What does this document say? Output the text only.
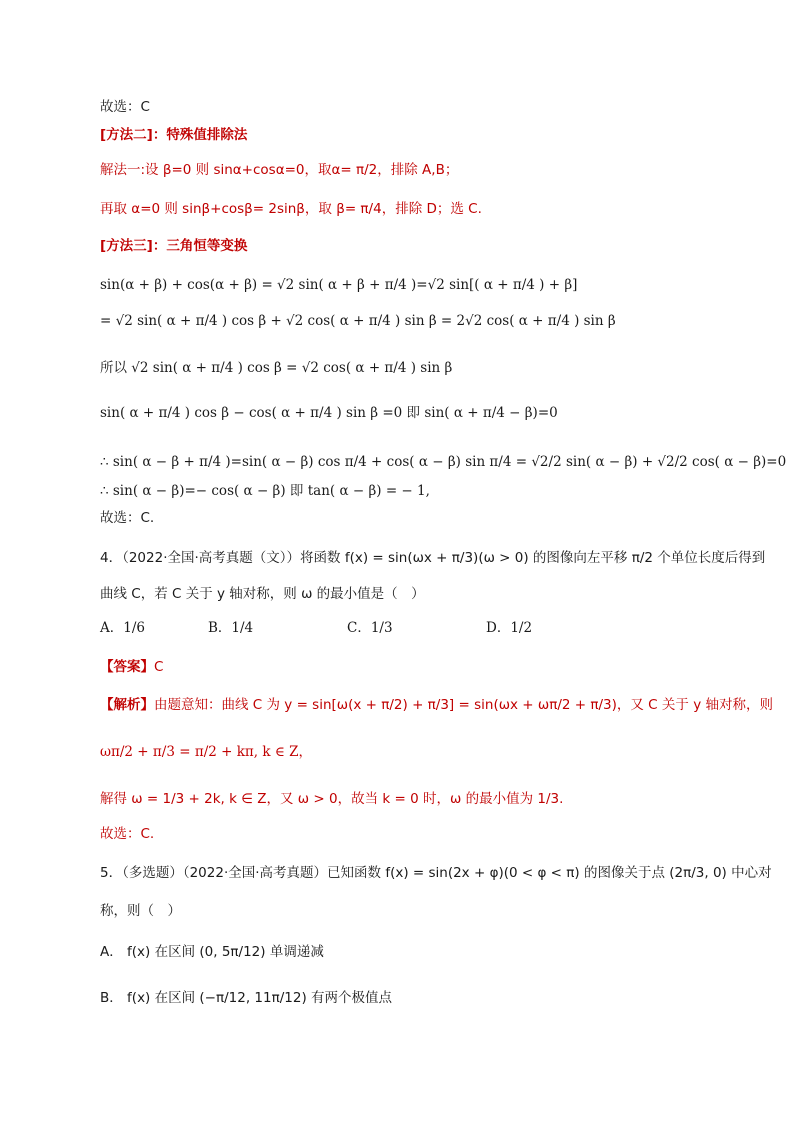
故选：C
[方法二]：特殊值排除法
解法一:设 β=0 则 sinα+cosα=0，取α= π/2，排除 A,B；
再取 α=0 则 sinβ+cosβ= 2sinβ，取 β= π/4，排除 D；选 C.
[方法三]：三角恒等变换
sin(α + β) + cos(α + β) = √2 sin( α + β + π/4 )=√2 sin[( α + π/4 ) + β]
= √2 sin( α + π/4 ) cos β + √2 cos( α + π/4 ) sin β = 2√2 cos( α + π/4 ) sin β
所以 √2 sin( α + π/4 ) cos β = √2 cos( α + π/4 ) sin β
sin( α + π/4 ) cos β − cos( α + π/4 ) sin β =0 即 sin( α + π/4 − β)=0
∴ sin( α − β + π/4 )=sin( α − β) cos π/4 + cos( α − β) sin π/4 = √2/2 sin( α − β) + √2/2 cos( α − β)=0
∴ sin( α − β)=− cos( α − β) 即 tan( α − β) = − 1,
故选：C.
4．（2022·全国·高考真题（文））将函数 f(x) = sin(ωx + π/3)(ω > 0) 的图像向左平移 π/2 个单位长度后得到
曲线 C，若 C 关于 y 轴对称，则 ω 的最小值是（　）
A．1/6	B．1/4	C．1/3	D．1/2
【答案】C
【解析】由题意知：曲线 C 为 y = sin[ω(x + π/2) + π/3] = sin(ωx + ωπ/2 + π/3)，又 C 关于 y 轴对称，则
ωπ/2 + π/3 = π/2 + kπ, k ∈ Z，
解得 ω = 1/3 + 2k, k ∈ Z，又 ω > 0，故当 k = 0 时，ω 的最小值为 1/3.
故选：C.
5．（多选题）（2022·全国·高考真题）已知函数 f(x) = sin(2x + φ)(0 < φ < π) 的图像关于点 (2π/3, 0) 中心对
称，则（　）
A． f(x) 在区间 (0, 5π/12) 单调递减
B． f(x) 在区间 (−π/12, 11π/12) 有两个极值点
